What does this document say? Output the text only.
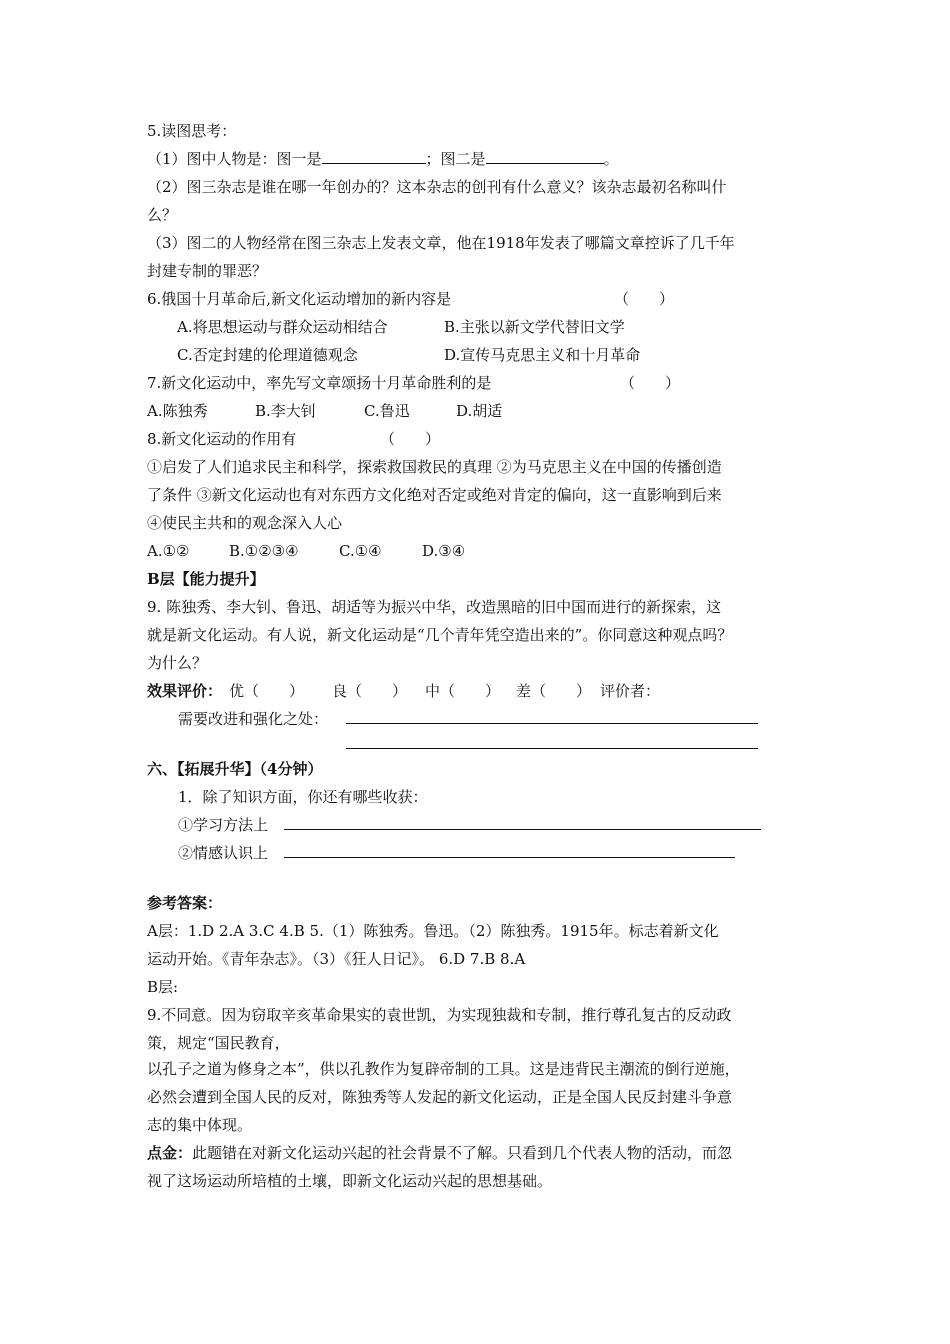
5.读图思考：
（1）图中人物是：图一是	；图二是	。
（2）图三杂志是谁在哪一年创办的？这本杂志的创刊有什么意义？该杂志最初名称叫什
么？
（3）图二的人物经常在图三杂志上发表文章，他在1918年发表了哪篇文章控诉了几千年
封建专制的罪恶？
6.俄国十月革命后,新文化运动增加的新内容是	（　　）
A.将思想运动与群众运动相结合	B.主张以新文学代替旧文学
C.否定封建的伦理道德观念	D.宣传马克思主义和十月革命
7.新文化运动中，率先写文章颂扬十月革命胜利的是	（　　）
A.陈独秀	B.李大钊	C.鲁迅	D.胡适
8.新文化运动的作用有	（　　）
①启发了人们追求民主和科学，探索救国救民的真理 ②为马克思主义在中国的传播创造
了条件 ③新文化运动也有对东西方文化绝对否定或绝对肯定的偏向，这一直影响到后来
④使民主共和的观念深入人心
A.①②	B.①②③④	C.①④	D.③④
B层【能力提升】
9. 陈独秀、李大钊、鲁迅、胡适等为振兴中华，改造黑暗的旧中国而进行的新探索，这
就是新文化运动。有人说，新文化运动是“几个青年凭空造出来的”。你同意这种观点吗？
为什么？
效果评价： 优（　　） 良（　　） 中（　　） 差（　　） 评价者：
需要改进和强化之处：
六、【拓展升华】（4分钟）
1．除了知识方面，你还有哪些收获：
①学习方法上
②情感认识上
参考答案：
A层：1.D 2.A 3.C 4.B 5.（1）陈独秀。鲁迅。（2）陈独秀。1915年。标志着新文化
运动开始。《青年杂志》。（3）《狂人日记》。 6.D 7.B 8.A
B层:
9.不同意。因为窃取辛亥革命果实的袁世凯，为实现独裁和专制，推行尊孔复古的反动政
策，规定“国民教育，
以孔子之道为修身之本”，供以孔教作为复辟帝制的工具。这是违背民主潮流的倒行逆施，
必然会遭到全国人民的反对，陈独秀等人发起的新文化运动，正是全国人民反封建斗争意
志的集中体现。
点金：此题错在对新文化运动兴起的社会背景不了解。只看到几个代表人物的活动，而忽
视了这场运动所培植的土壤，即新文化运动兴起的思想基础。
